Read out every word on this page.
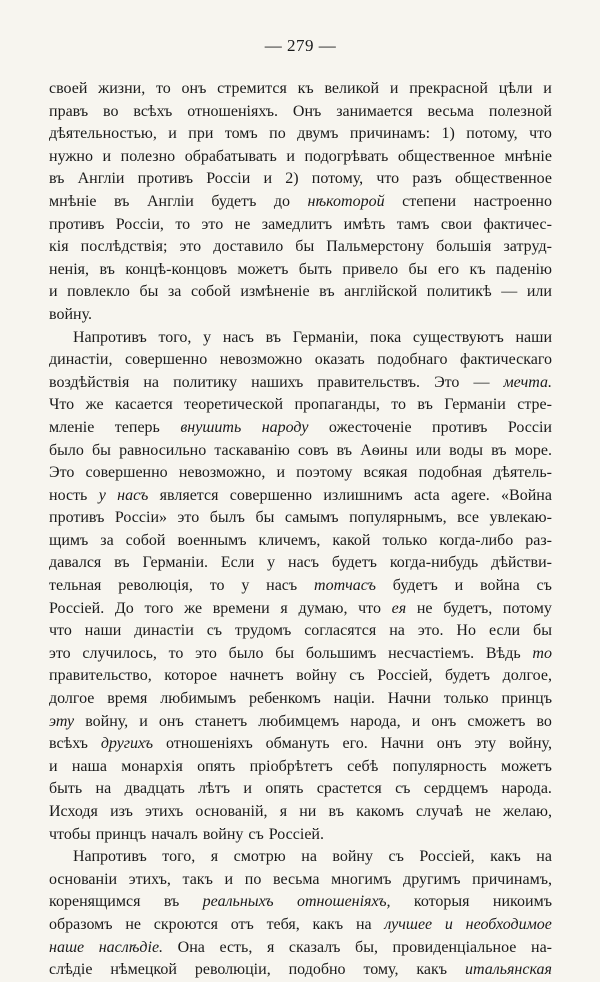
— 279 —
своей жизни, то онъ стремится къ великой и прекрасной цѣли и
правъ во всѣхъ отношеніяхъ. Онъ занимается весьма полезной
дѣятельностью, и при томъ по двумъ причинамъ: 1) потому, что
нужно и полезно обрабатывать и подогрѣвать общественное мнѣніе
въ Англіи противъ Россіи и 2) потому, что разъ общественное
мнѣніе въ Англіи будетъ до нѣкоторой степени настроенно
противъ Россіи, то это не замедлитъ имѣть тамъ свои фактичес-
кія послѣдствія; это доставило бы Пальмерстону большія затруд-
ненія, въ концѣ-концовъ можетъ быть привело бы его къ паденію
и повлекло бы за собой измѣненіе въ англійской политикѣ — или
войну.
Напротивъ того, у насъ въ Германіи, пока существуютъ наши
династіи, совершенно невозможно оказать подобнаго фактическаго
воздѣйствія на политику нашихъ правительствъ. Это — мечта.
Что же касается теоретической пропаганды, то въ Германіи стре-
мленіе теперь внушить народу ожесточеніе противъ Россіи
было бы равносильно таскаванію совъ въ Аѳины или воды въ море.
Это совершенно невозможно, и поэтому всякая подобная дѣятель-
ность у насъ является совершенно излишнимъ acta agere. «Война
противъ Россіи» это былъ бы самымъ популярнымъ, все увлекаю-
щимъ за собой военнымъ кличемъ, какой только когда-либо раз-
давался въ Германіи. Если у насъ будетъ когда-нибудь дѣйстви-
тельная революція, то у насъ тотчасъ будетъ и война съ
Россіей. До того же времени я думаю, что ея не будетъ, потому
что наши династіи съ трудомъ согласятся на это. Но если бы
это случилось, то это было бы большимъ несчастіемъ. Вѣдь то
правительство, которое начнетъ войну съ Россіей, будетъ долгое,
долгое время любимымъ ребенкомъ націи. Начни только принцъ
эту войну, и онъ станетъ любимцемъ народа, и онъ сможетъ во
всѣхъ другихъ отношеніяхъ обмануть его. Начни онъ эту войну,
и наша монархія опять пріобрѣтетъ себѣ популярность можетъ
быть на двадцать лѣтъ и опять срастется съ сердцемъ народа.
Исходя изъ этихъ основаній, я ни въ какомъ случаѣ не желаю,
чтобы принцъ началъ войну съ Россіей.
Напротивъ того, я смотрю на войну съ Россіей, какъ на
основаніи этихъ, такъ и по весьма многимъ другимъ причинамъ,
коренящимся въ реальныхъ отношеніяхъ, которыя никоимъ
образомъ не скроются отъ тебя, какъ на лучшее и необходимое
наше наслѣдіе. Она есть, я сказалъ бы, провиденціальное на-
слѣдіе нѣмецкой революціи, подобно тому, какъ итальянская
